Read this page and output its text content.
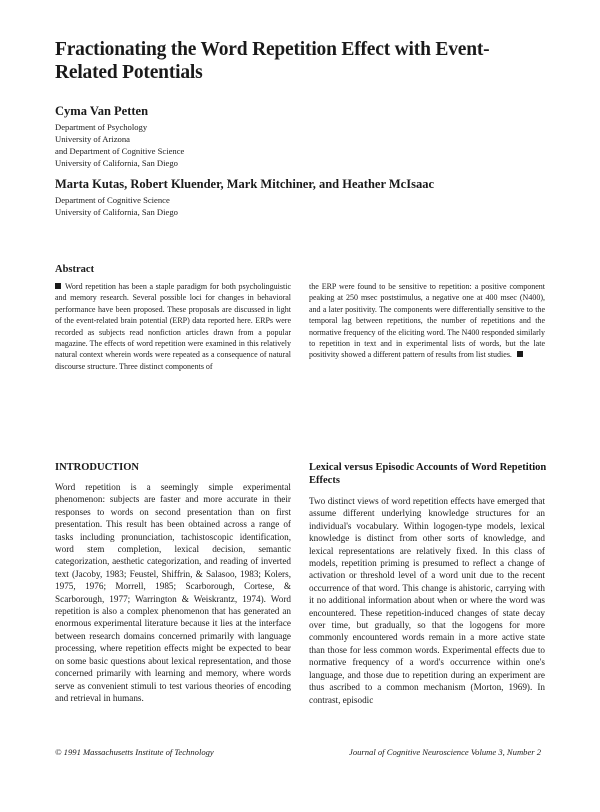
Fractionating the Word Repetition Effect with Event-Related Potentials
Cyma Van Petten
Department of Psychology
University of Arizona
and Department of Cognitive Science
University of California, San Diego
Marta Kutas, Robert Kluender, Mark Mitchiner, and Heather McIsaac
Department of Cognitive Science
University of California, San Diego
Abstract
Word repetition has been a staple paradigm for both psycholinguistic and memory research. Several possible loci for changes in behavioral performance have been proposed. These proposals are discussed in light of the event-related brain potential (ERP) data reported here. ERPs were recorded as subjects read nonfiction articles drawn from a popular magazine. The effects of word repetition were examined in this relatively natural context wherein words were repeated as a consequence of natural discourse structure. Three distinct components of
the ERP were found to be sensitive to repetition: a positive component peaking at 250 msec poststimulus, a negative one at 400 msec (N400), and a later positivity. The components were differentially sensitive to the temporal lag between repetitions, the number of repetitions and the normative frequency of the eliciting word. The N400 responded similarly to repetition in text and in experimental lists of words, but the late positivity showed a different pattern of results from list studies.
INTRODUCTION
Word repetition is a seemingly simple experimental phenomenon: subjects are faster and more accurate in their responses to words on second presentation than on first presentation. This result has been obtained across a range of tasks including pronunciation, tachistoscopic identification, word stem completion, lexical decision, semantic categorization, aesthetic categorization, and reading of inverted text (Jacoby, 1983; Feustel, Shiffrin, & Salasoo, 1983; Kolers, 1975, 1976; Morrell, 1985; Scarborough, Cortese, & Scarborough, 1977; Warrington & Weiskrantz, 1974). Word repetition is also a complex phenomenon that has generated an enormous experimental literature because it lies at the interface between research domains concerned primarily with language processing, where repetition effects might be expected to bear on some basic questions about lexical representation, and those concerned primarily with learning and memory, where words serve as convenient stimuli to test various theories of encoding and retrieval in humans.
Lexical versus Episodic Accounts of Word Repetition Effects
Two distinct views of word repetition effects have emerged that assume different underlying knowledge structures for an individual's vocabulary. Within logogen-type models, lexical knowledge is distinct from other sorts of knowledge, and lexical representations are relatively fixed. In this class of models, repetition priming is presumed to reflect a change of activation or threshold level of a word unit due to the recent occurrence of that word. This change is ahistoric, carrying with it no additional information about when or where the word was encountered. These repetition-induced changes of state decay over time, but gradually, so that the logogens for more commonly encountered words remain in a more active state than those for less common words. Experimental effects due to normative frequency of a word's occurrence within one's language, and those due to repetition during an experiment are thus ascribed to a common mechanism (Morton, 1969). In contrast, episodic
© 1991 Massachusetts Institute of Technology	Journal of Cognitive Neuroscience Volume 3, Number 2
